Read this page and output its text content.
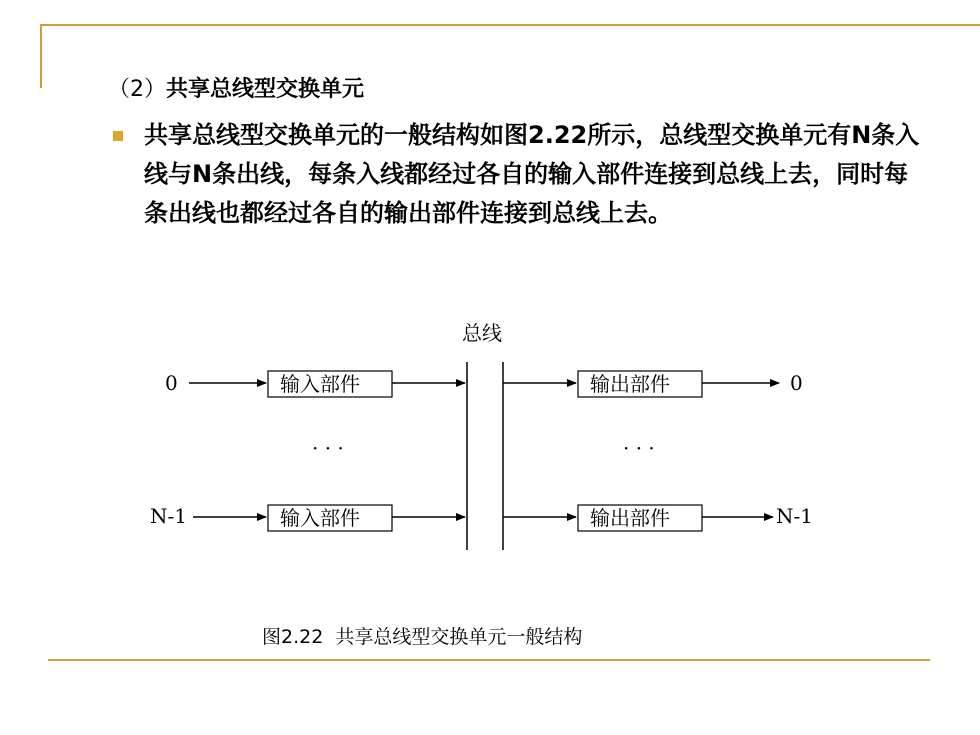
（2）共享总线型交换单元
共享总线型交换单元的一般结构如图2.22所示，总线型交换单元有N条入线与N条出线，每条入线都经过各自的输入部件连接到总线上去，同时每条出线也都经过各自的输出部件连接到总线上去。
总线
0	输入部件	输出部件	0
· · ·	· · ·
N-1	输入部件	输出部件	N-1
图2.22 共享总线型交换单元一般结构
